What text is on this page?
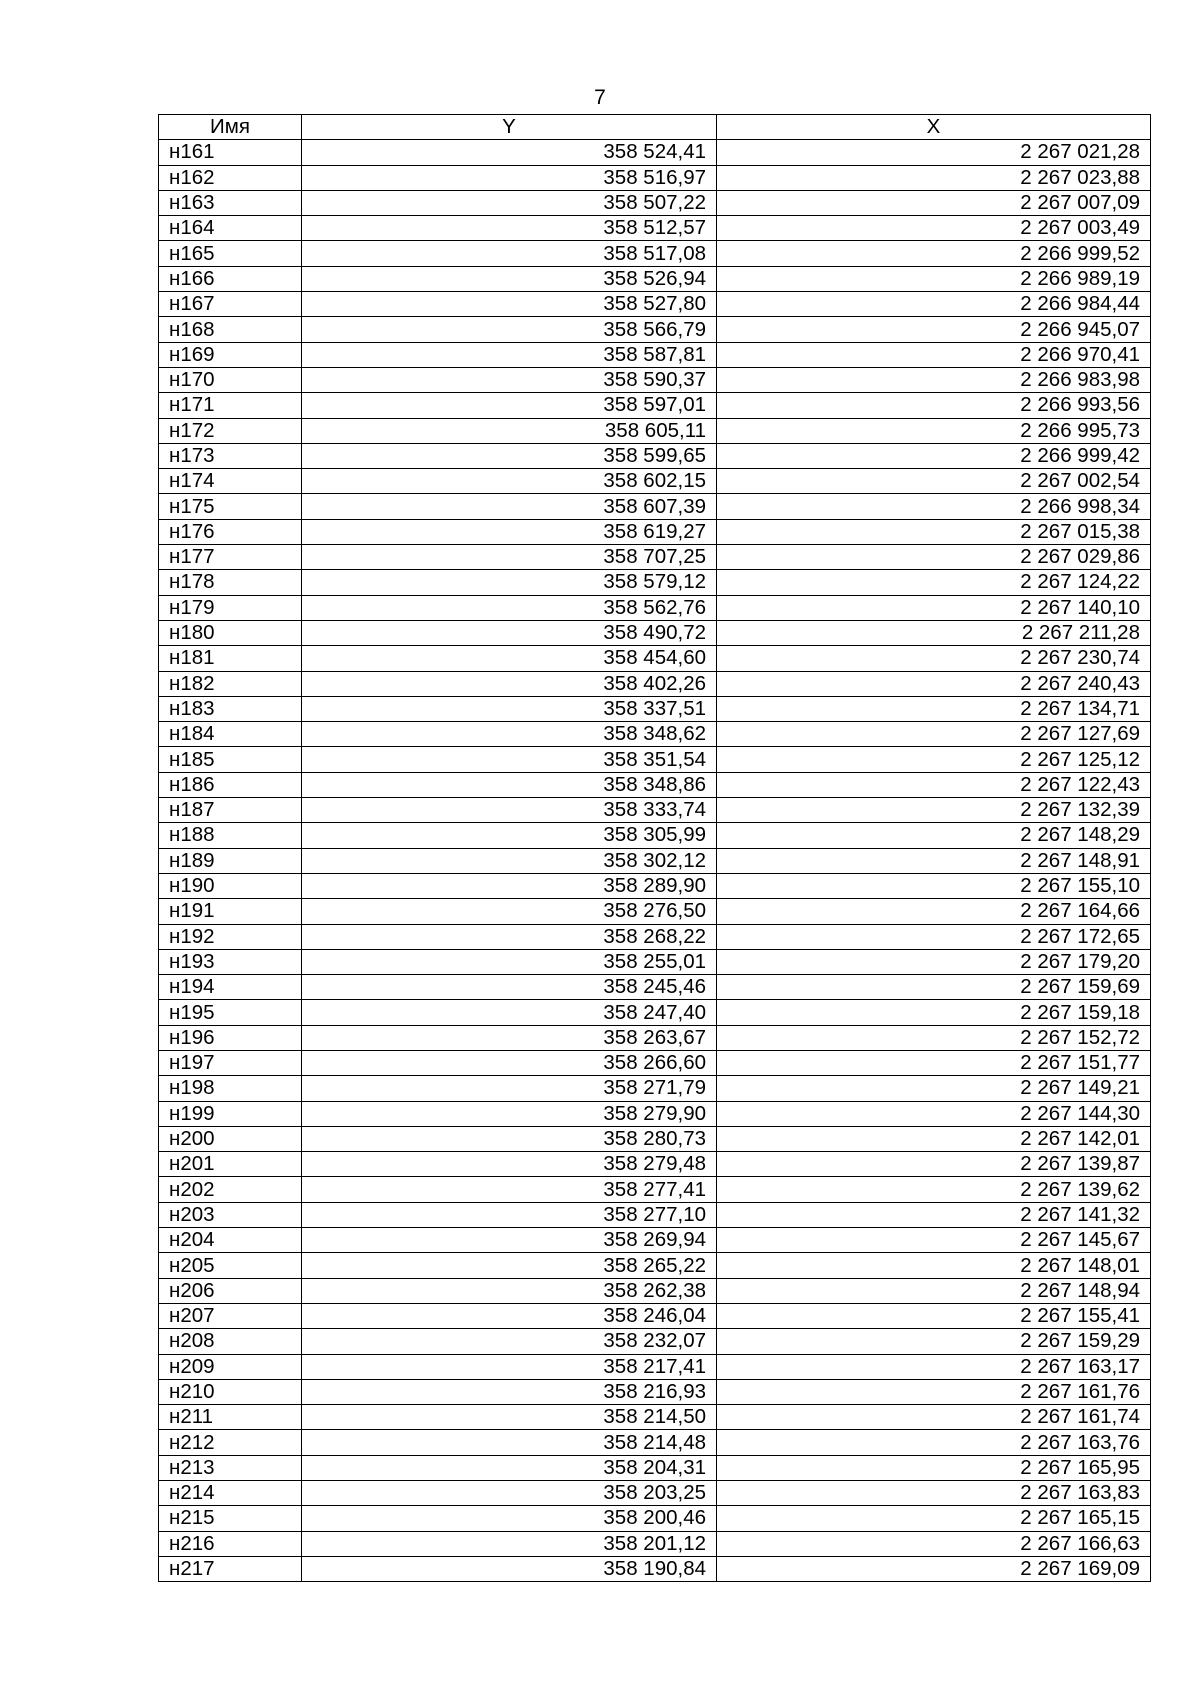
7
Имя	Y	X
н161	358 524,41	2 267 021,28
н162	358 516,97	2 267 023,88
н163	358 507,22	2 267 007,09
н164	358 512,57	2 267 003,49
н165	358 517,08	2 266 999,52
н166	358 526,94	2 266 989,19
н167	358 527,80	2 266 984,44
н168	358 566,79	2 266 945,07
н169	358 587,81	2 266 970,41
н170	358 590,37	2 266 983,98
н171	358 597,01	2 266 993,56
н172	358 605,11	2 266 995,73
н173	358 599,65	2 266 999,42
н174	358 602,15	2 267 002,54
н175	358 607,39	2 266 998,34
н176	358 619,27	2 267 015,38
н177	358 707,25	2 267 029,86
н178	358 579,12	2 267 124,22
н179	358 562,76	2 267 140,10
н180	358 490,72	2 267 211,28
н181	358 454,60	2 267 230,74
н182	358 402,26	2 267 240,43
н183	358 337,51	2 267 134,71
н184	358 348,62	2 267 127,69
н185	358 351,54	2 267 125,12
н186	358 348,86	2 267 122,43
н187	358 333,74	2 267 132,39
н188	358 305,99	2 267 148,29
н189	358 302,12	2 267 148,91
н190	358 289,90	2 267 155,10
н191	358 276,50	2 267 164,66
н192	358 268,22	2 267 172,65
н193	358 255,01	2 267 179,20
н194	358 245,46	2 267 159,69
н195	358 247,40	2 267 159,18
н196	358 263,67	2 267 152,72
н197	358 266,60	2 267 151,77
н198	358 271,79	2 267 149,21
н199	358 279,90	2 267 144,30
н200	358 280,73	2 267 142,01
н201	358 279,48	2 267 139,87
н202	358 277,41	2 267 139,62
н203	358 277,10	2 267 141,32
н204	358 269,94	2 267 145,67
н205	358 265,22	2 267 148,01
н206	358 262,38	2 267 148,94
н207	358 246,04	2 267 155,41
н208	358 232,07	2 267 159,29
н209	358 217,41	2 267 163,17
н210	358 216,93	2 267 161,76
н211	358 214,50	2 267 161,74
н212	358 214,48	2 267 163,76
н213	358 204,31	2 267 165,95
н214	358 203,25	2 267 163,83
н215	358 200,46	2 267 165,15
н216	358 201,12	2 267 166,63
н217	358 190,84	2 267 169,09
